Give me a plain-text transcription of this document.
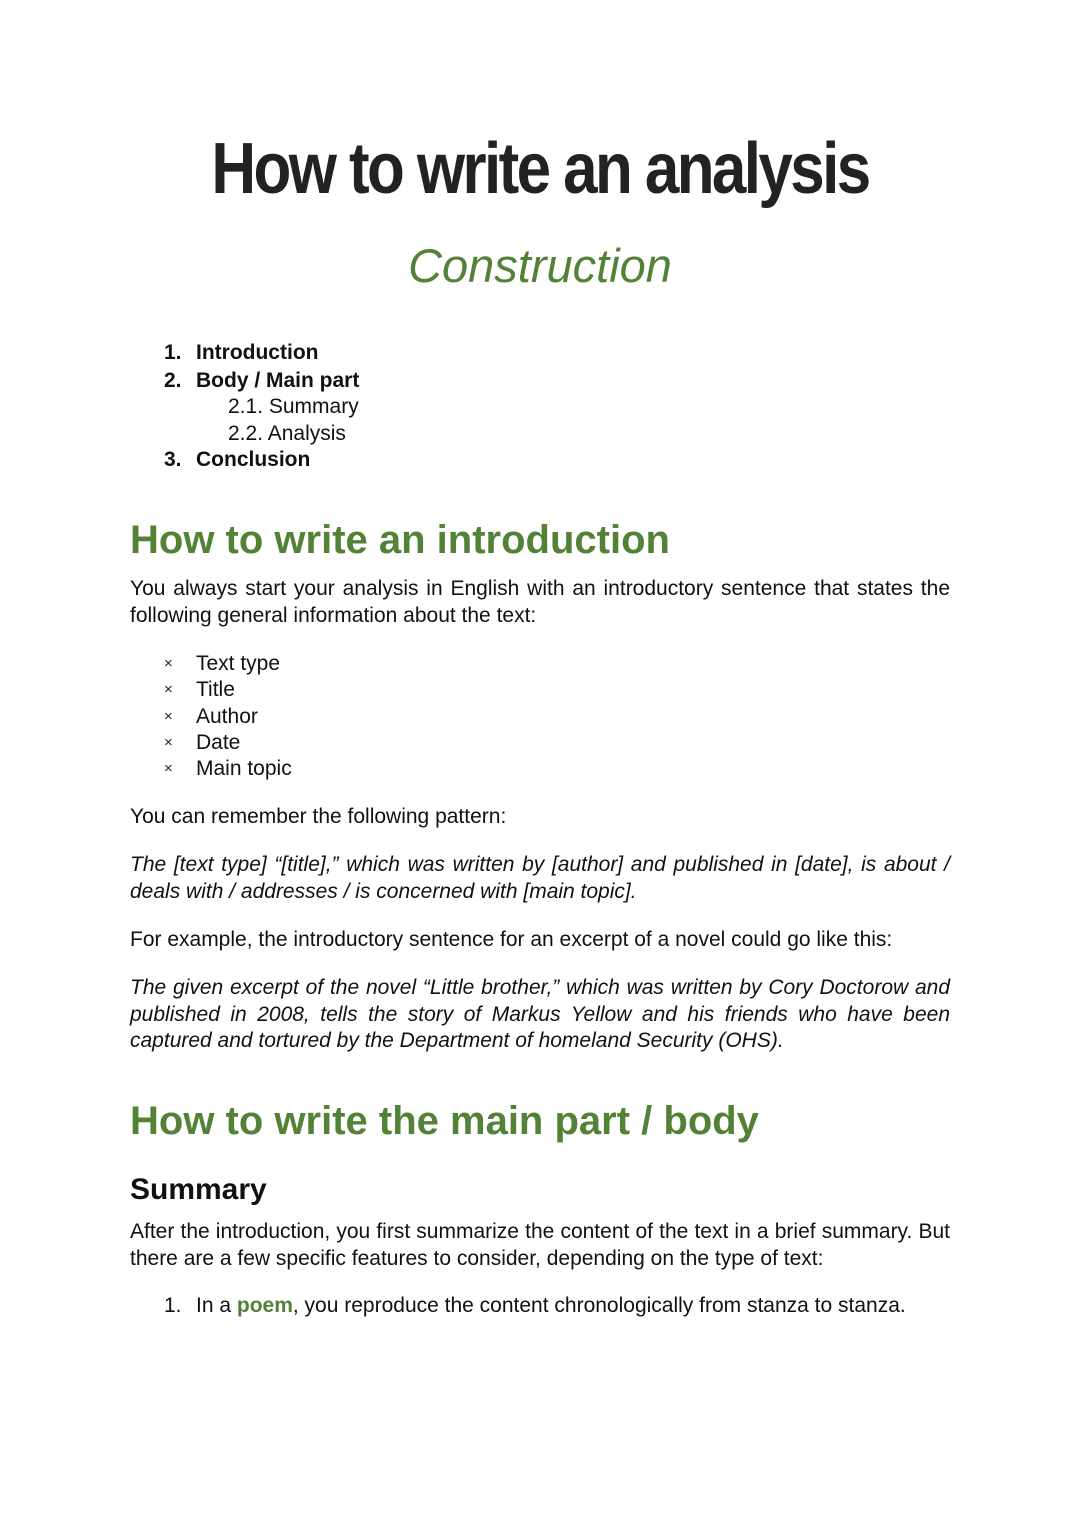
How to write an analysis
Construction
1. Introduction
2. Body / Main part
2.1. Summary
2.2. Analysis
3. Conclusion
How to write an introduction

You always start your analysis in English with an introductory sentence that states the following general information about the text:

× Text type
× Title
× Author
× Date
× Main topic

You can remember the following pattern:

The [text type] “[title],” which was written by [author] and published in [date], is about / deals with / addresses / is concerned with [main topic].

For example, the introductory sentence for an excerpt of a novel could go like this:

The given excerpt of the novel “Little brother,” which was written by Cory Doctorow and published in 2008, tells the story of Markus Yellow and his friends who have been captured and tortured by the Department of homeland Security (OHS).

How to write the main part / body
Summary

After the introduction, you first summarize the content of the text in a brief summary. But there are a few specific features to consider, depending on the type of text:

1. In a poem, you reproduce the content chronologically from stanza to stanza.
